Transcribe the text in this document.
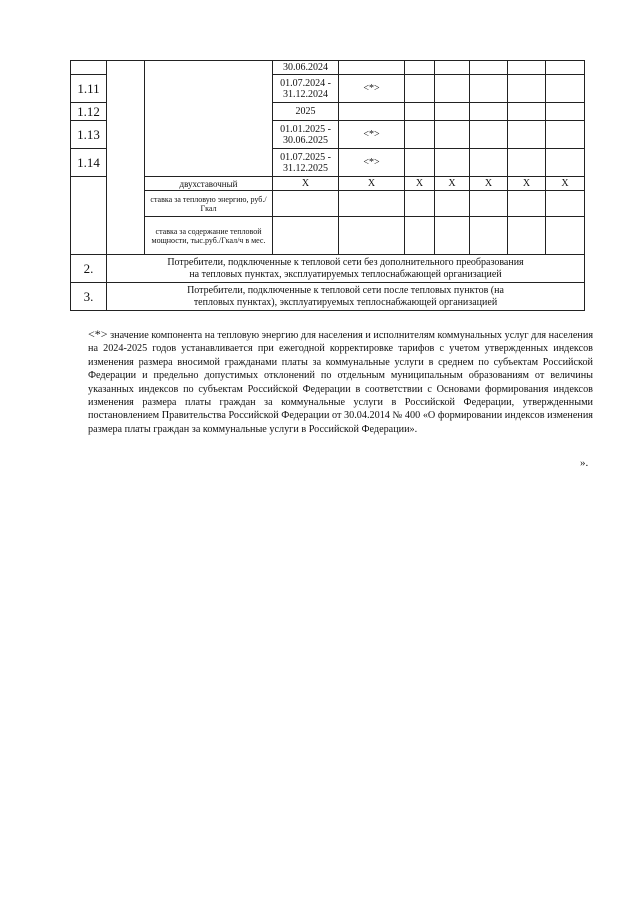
			30.06.2024						
1.11			01.07.2024 - 31.12.2024	<*>					
1.12			2025						
1.13			01.01.2025 - 30.06.2025	<*>					
1.14			01.07.2025 - 31.12.2025	<*>					
		двухставочный	Х	Х	Х	Х	Х	Х	Х
		ставка за тепловую энергию, руб./Гкал							
		ставка за содержание тепловой мощности, тыс.руб./Гкал/ч в мес.							
2.	Потребители, подключенные к тепловой сети без дополнительного преобразования на тепловых пунктах, эксплуатируемых теплоснабжающей организацией								
3.	Потребители, подключенные к тепловой сети после тепловых пунктов (на тепловых пунктах), эксплуатируемых теплоснабжающей организацией								
<*> значение компонента на тепловую энергию для населения и исполнителям коммунальных услуг для населения на 2024-2025 годов устанавливается при ежегодной корректировке тарифов с учетом утвержденных индексов изменения размера вносимой гражданами платы за коммунальные услуги в среднем по субъектам Российской Федерации и предельно допустимых отклонений по отдельным муниципальным образованиям от величины указанных индексов по субъектам Российской Федерации в соответствии с Основами формирования индексов изменения размера платы граждан за коммунальные услуги в Российской Федерации, утвержденными постановлением Правительства Российской Федерации от 30.04.2014 № 400 «О формировании индексов изменения размера платы граждан за коммунальные услуги в Российской Федерации».
».
